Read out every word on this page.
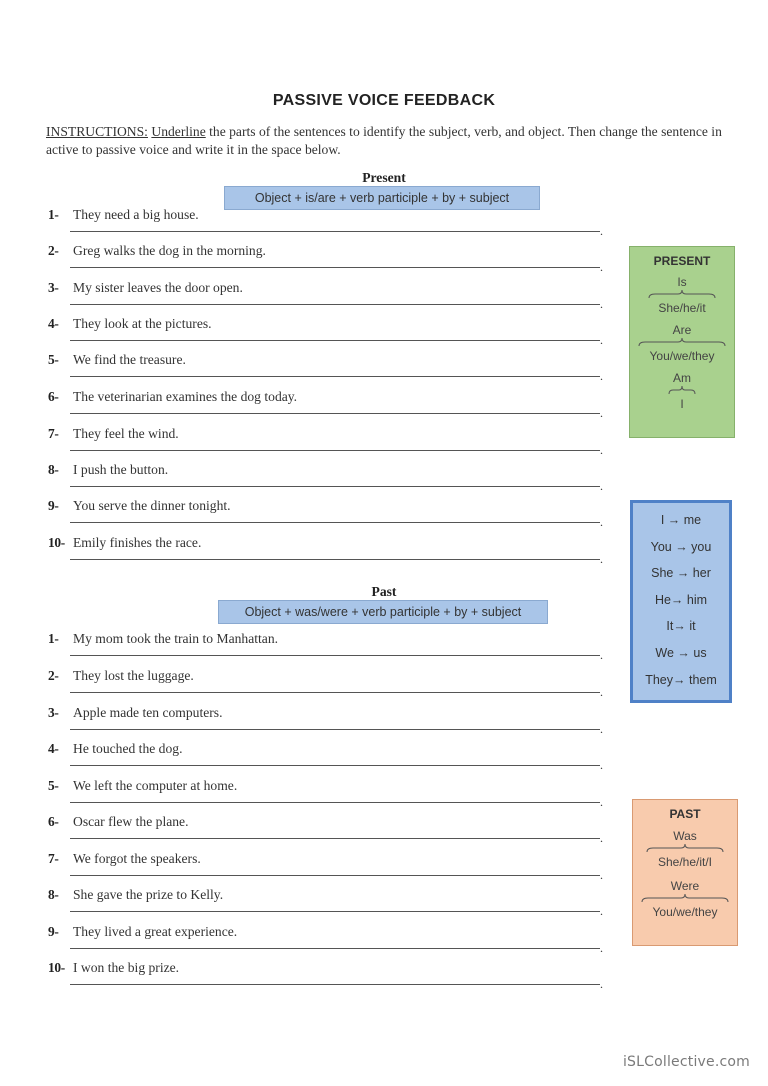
PASSIVE VOICE FEEDBACK
INSTRUCTIONS: Underline the parts of the sentences to identify the subject, verb, and object. Then change the sentence in active to passive voice and write it in the space below.
Present
Object + is/are + verb participle + by + subject
1- They need a big house.
.
2- Greg walks the dog in the morning.
.
3- My sister leaves the door open.
.
4- They look at the pictures.
.
5- We find the treasure.
.
6- The veterinarian examines the dog today.
.
7- They feel the wind.
.
8- I push the button.
.
9- You serve the dinner tonight.
.
10- Emily finishes the race.
.
Past
Object + was/were + verb participle + by + subject
1- My mom took the train to Manhattan.
.
2- They lost the luggage.
.
3- Apple made ten computers.
.
4- He touched the dog.
.
5- We left the computer at home.
.
6- Oscar flew the plane.
.
7- We forgot the speakers.
.
8- She gave the prize to Kelly.
.
9- They lived a great experience.
.
10- I won the big prize.
.
PRESENT
Is
She/he/it
Are
You/we/they
Am
I
I → me
You → you
She → her
He→ him
It→ it
We → us
They→ them
PAST
Was
She/he/it/I
Were
You/we/they
iSLCollective.com
